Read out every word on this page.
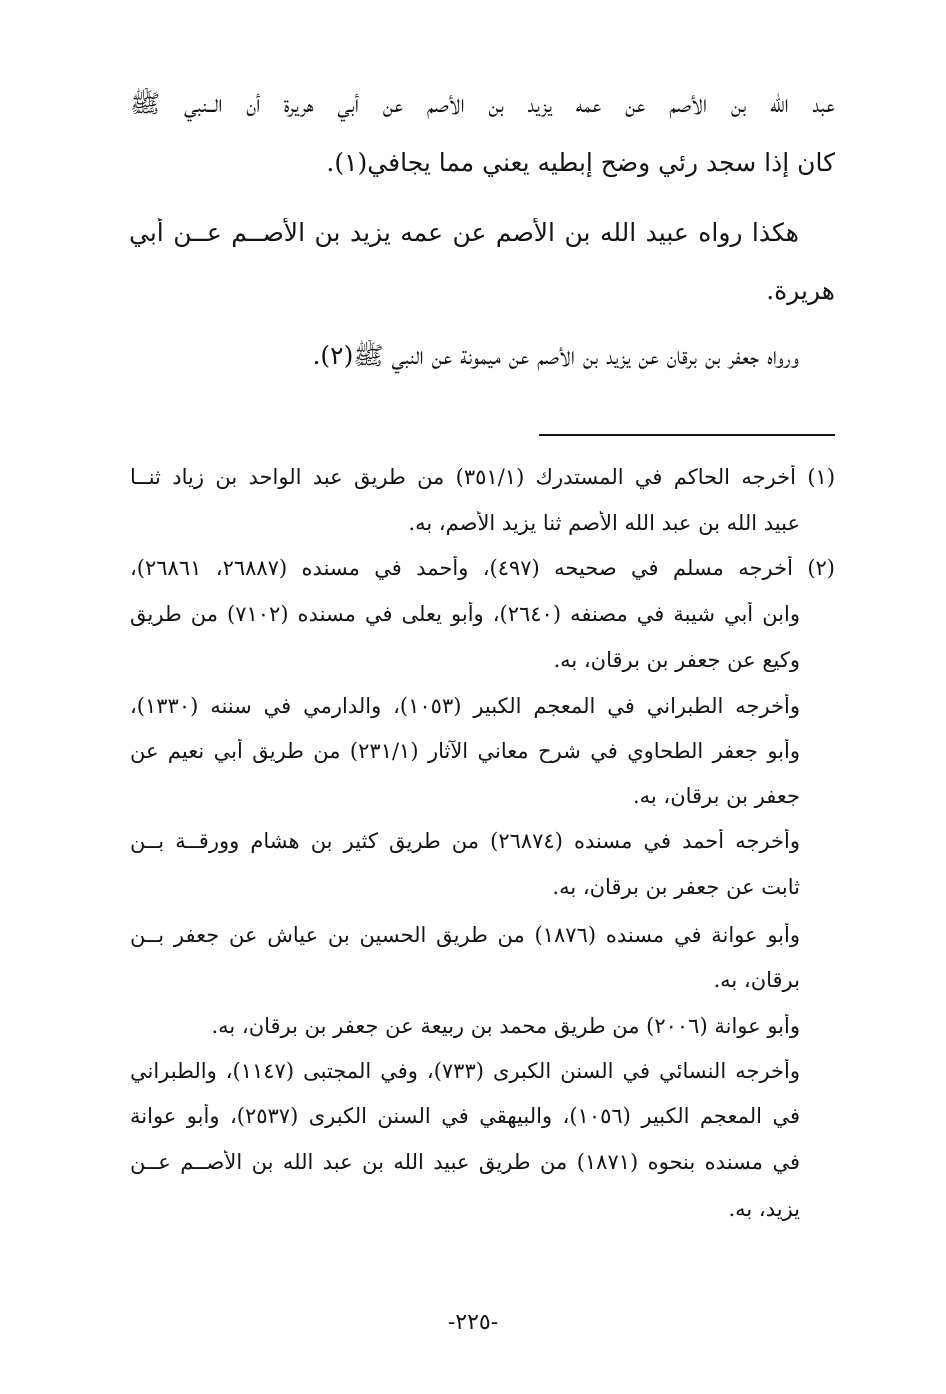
عبد الله بن الأصم عن عمه يزيد بن الأصم عن أبي هريرة أن الــنبي ﷺ
كان إذا سجد رئي وضح إبطيه يعني مما يجافي(١).
هكذا رواه عبيد الله بن الأصم عن عمه يزيد بن الأصــم عــن أبي
هريرة.
ورواه جعفر بن برقان عن يزيد بن الأصم عن ميمونة عن النبي ﷺ(٢).
(١) أخرجه الحاكم في المستدرك (٣٥١/١) من طريق عبد الواحد بن زياد ثنــا
عبيد الله بن عبد الله الأصم ثنا يزيد الأصم، به.
(٢) أخرجه مسلم في صحيحه (٤٩٧)، وأحمد في مسنده (٢٦٨٨٧، ٢٦٨٦١)،
وابن أبي شيبة في مصنفه (٢٦٤٠)، وأبو يعلى في مسنده (٧١٠٢) من طريق
وكيع عن جعفر بن برقان، به.
وأخرجه الطبراني في المعجم الكبير (١٠٥٣)، والدارمي في سننه (١٣٣٠)،
وأبو جعفر الطحاوي في شرح معاني الآثار (٢٣١/١) من طريق أبي نعيم عن
جعفر بن برقان، به.
وأخرجه أحمد في مسنده (٢٦٨٧٤) من طريق كثير بن هشام وورقــة بــن
ثابت عن جعفر بن برقان، به.
وأبو عوانة في مسنده (١٨٧٦) من طريق الحسين بن عياش عن جعفر بــن
برقان، به.
وأبو عوانة (٢٠٠٦) من طريق محمد بن ربيعة عن جعفر بن برقان، به.
وأخرجه النسائي في السنن الكبرى (٧٣٣)، وفي المجتبى (١١٤٧)، والطبراني
في المعجم الكبير (١٠٥٦)، والبيهقي في السنن الكبرى (٢٥٣٧)، وأبو عوانة
في مسنده بنحوه (١٨٧١) من طريق عبيد الله بن عبد الله بن الأصــم عــن
يزيد، به.
-٢٢٥-
